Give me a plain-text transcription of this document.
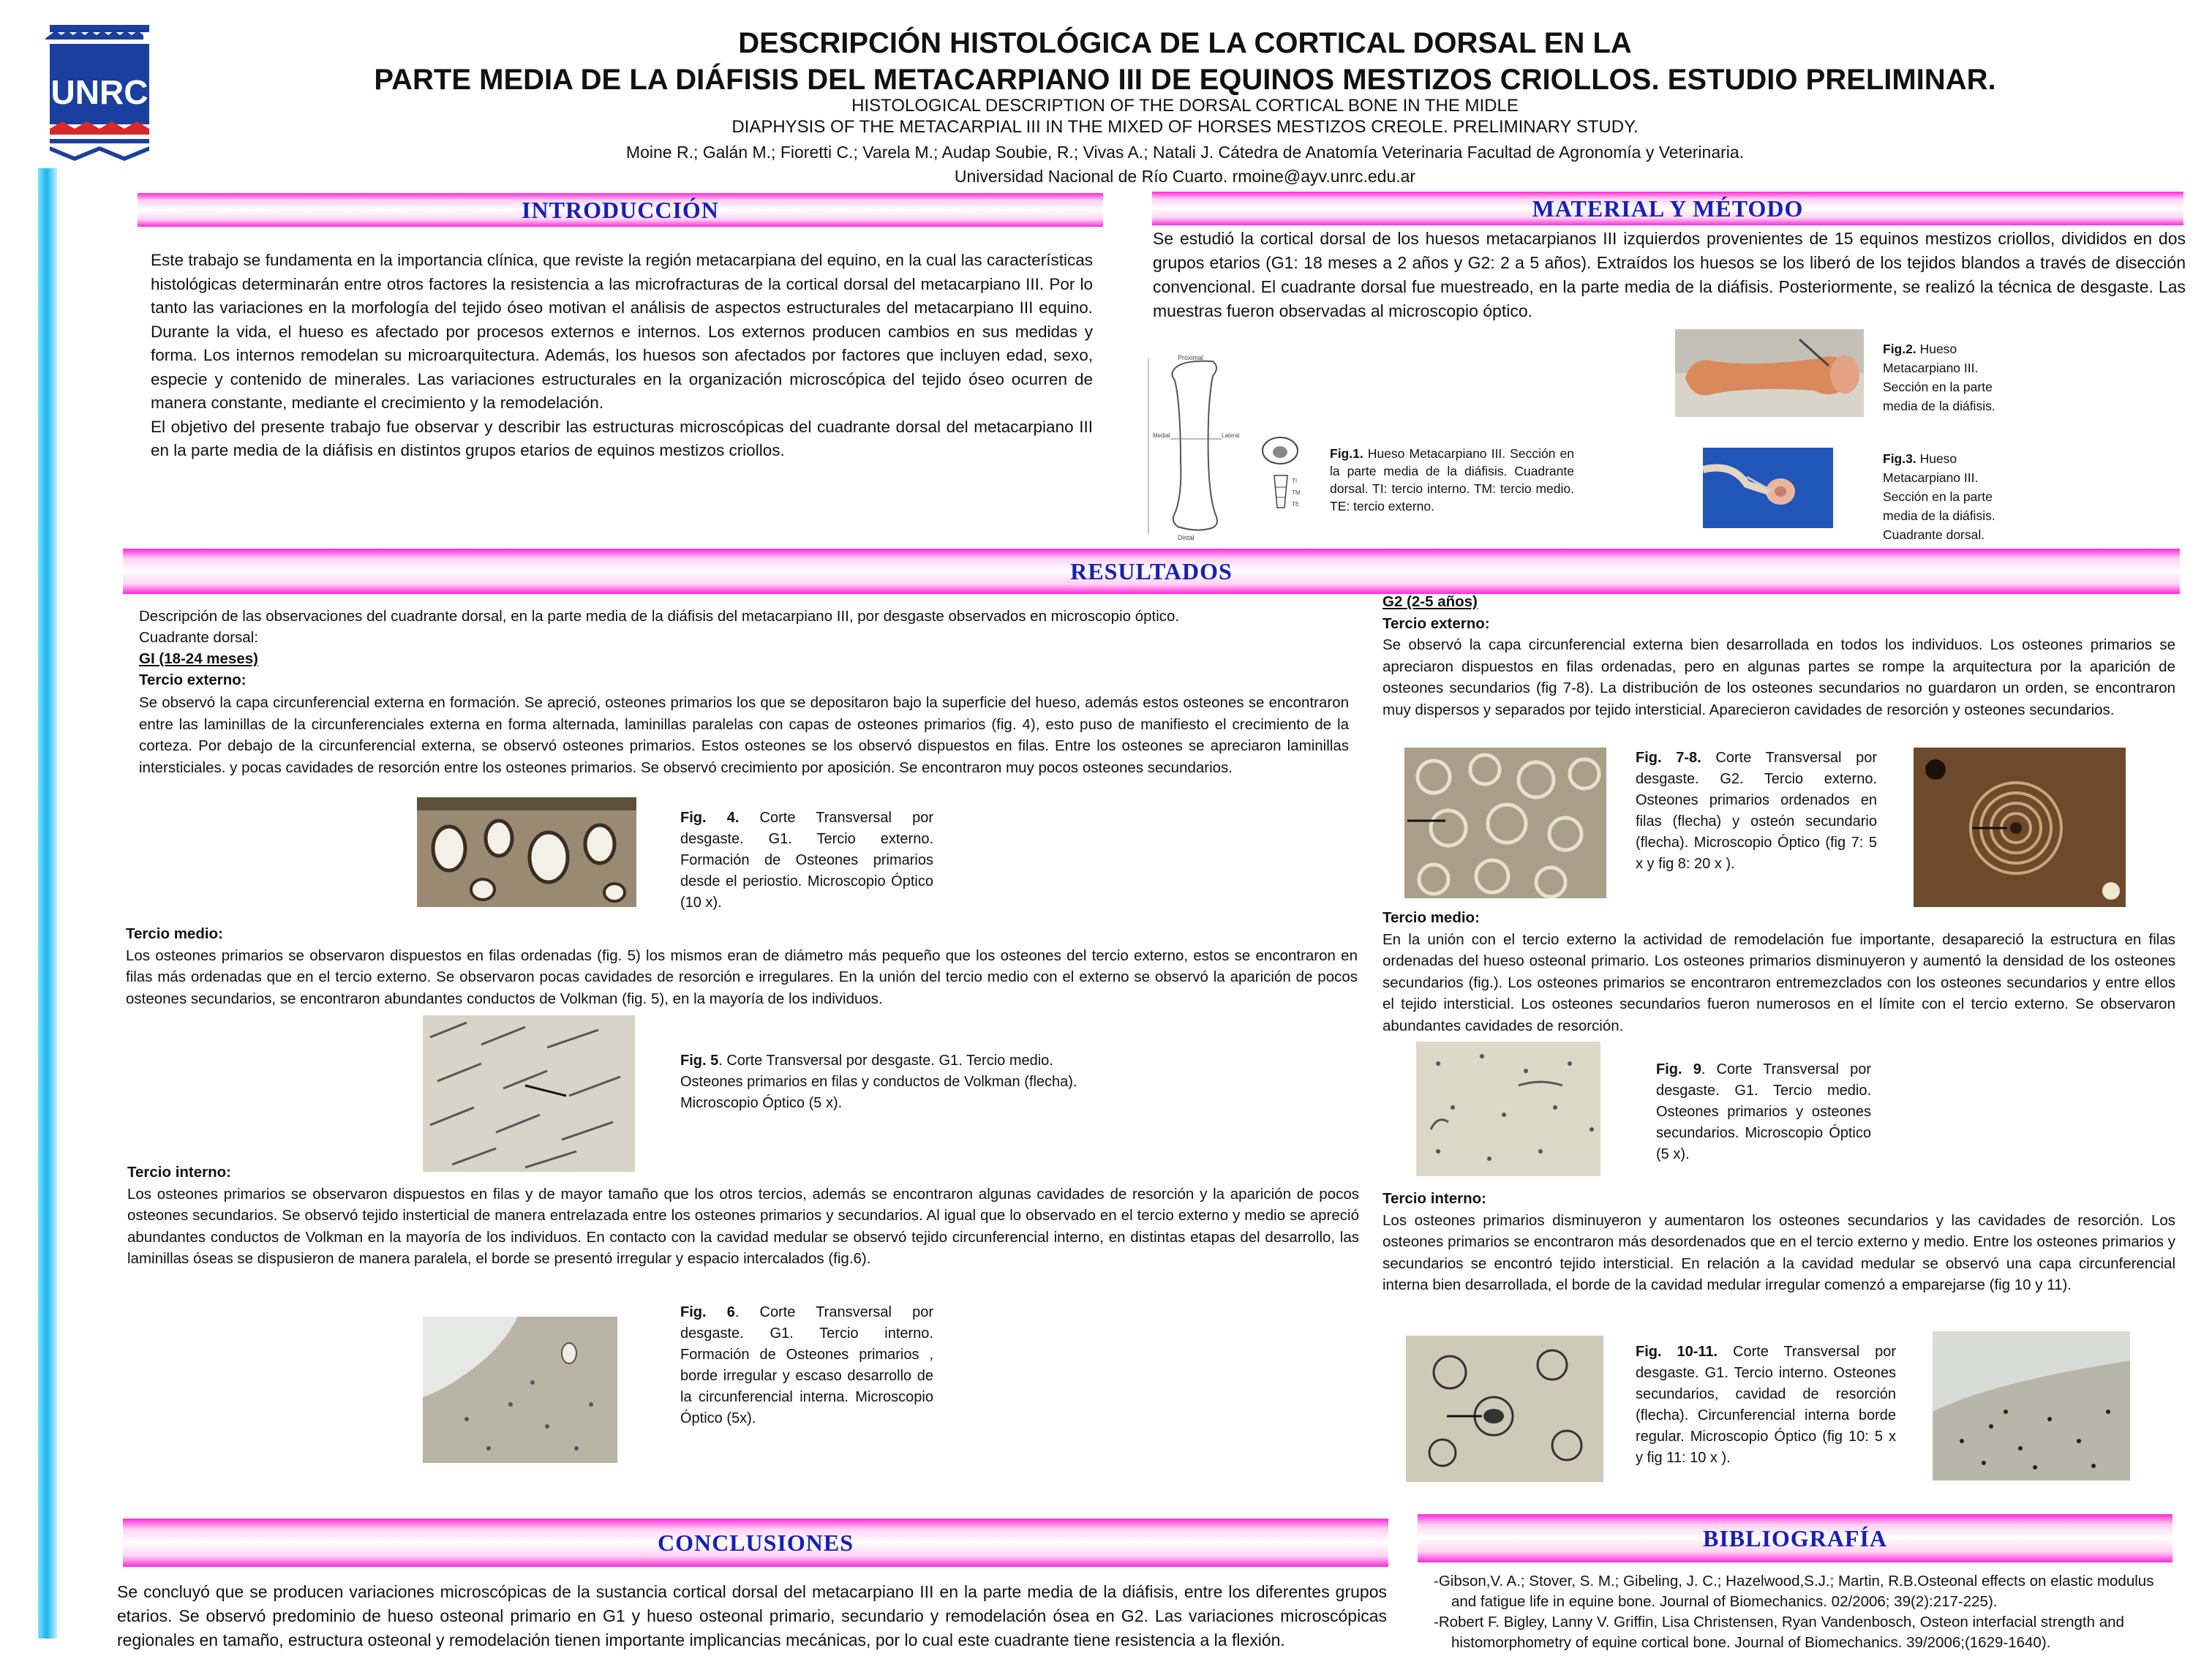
UNRC
DESCRIPCIÓN HISTOLÓGICA DE LA CORTICAL DORSAL EN LA
PARTE MEDIA DE LA DIÁFISIS DEL METACARPIANO III DE EQUINOS MESTIZOS CRIOLLOS. ESTUDIO PRELIMINAR.
HISTOLOGICAL DESCRIPTION OF THE DORSAL CORTICAL BONE IN THE MIDLE
DIAPHYSIS OF THE METACARPIAL III IN THE MIXED OF HORSES MESTIZOS CREOLE. PRELIMINARY STUDY.
Moine R.; Galán M.; Fioretti C.; Varela M.; Audap Soubie, R.; Vivas A.; Natali J. Cátedra de Anatomía Veterinaria Facultad de Agronomía y Veterinaria.
Universidad Nacional de Río Cuarto. rmoine@ayv.unrc.edu.ar
INTRODUCCIÓN	MATERIAL Y MÉTODO
RESULTADOS
CONCLUSIONES	BIBLIOGRAFÍA

Este trabajo se fundamenta en la importancia clínica, que reviste la región metacarpiana del equino, en la cual las características histológicas determinarán entre otros factores la resistencia a las microfracturas de la cortical dorsal del metacarpiano III. Por lo tanto las variaciones en la morfología del tejido óseo motivan el análisis de aspectos estructurales del metacarpiano III equino. Durante la vida, el hueso es afectado por procesos externos e internos. Los externos producen cambios en sus medidas y forma. Los internos remodelan su microarquitectura. Además, los huesos son afectados por factores que incluyen edad, sexo, especie y contenido de minerales. Las variaciones estructurales en la organización microscópica del tejido óseo ocurren de manera constante, mediante el crecimiento y la remodelación.

El objetivo del presente trabajo fue observar y describir las estructuras microscópicas del cuadrante dorsal del metacarpiano III en la parte media de la diáfisis en distintos grupos etarios de equinos mestizos criollos.

Se estudió la cortical dorsal de los huesos metacarpianos III izquierdos provenientes de 15 equinos mestizos criollos, divididos en dos grupos etarios (G1: 18 meses a 2 años y G2: 2 a 5 años). Extraídos los huesos se los liberó de los tejidos blandos a través de disección convencional. El cuadrante dorsal fue muestreado, en la parte media de la diáfisis. Posteriormente, se realizó la técnica de desgaste. Las muestras fueron observadas al microscopio óptico.
Proximal
Distal
Medial	Lateral
TI
TM
TE
Fig.1. Hueso Metacarpiano III. Sección en la parte media de la diáfisis. Cuadrante dorsal. TI: tercio interno. TM: tercio medio. TE: tercio externo.
Fig.2. Hueso Metacarpiano III. Sección en la parte media de la diáfisis.
Fig.3. Hueso Metacarpiano III. Sección en la parte media de la diáfisis. Cuadrante dorsal.

Descripción de las observaciones del cuadrante dorsal, en la parte media de la diáfisis del metacarpiano III, por desgaste observados en microscopio óptico.

Cuadrante dorsal:

GI (18-24 meses)

Tercio externo:

Se observó la capa circunferencial externa en formación. Se apreció, osteones primarios los que se depositaron bajo la superficie del hueso, además estos osteones se encontraron entre las laminillas de la circunferenciales externa en forma alternada, laminillas paralelas con capas de osteones primarios (fig. 4), esto puso de manifiesto el crecimiento de la corteza. Por debajo de la circunferencial externa, se observó osteones primarios. Estos osteones se los observó dispuestos en filas. Entre los osteones se apreciaron laminillas intersticiales. y pocas cavidades de resorción entre los osteones primarios. Se observó crecimiento por aposición. Se encontraron muy pocos osteones secundarios.
Fig. 4. Corte Transversal por desgaste. G1. Tercio externo. Formación de Osteones primarios desde el periostio. Microscopio Óptico (10 x).

Tercio medio:

Los osteones primarios se observaron dispuestos en filas ordenadas (fig. 5) los mismos eran de diámetro más pequeño que los osteones del tercio externo, estos se encontraron en filas más ordenadas que en el tercio externo. Se observaron pocas cavidades de resorción e irregulares. En la unión del tercio medio con el externo se observó la aparición de pocos osteones secundarios, se encontraron abundantes conductos de Volkman (fig. 5), en la mayoría de los individuos.

Fig. 5. Corte Transversal por desgaste. G1. Tercio medio. Osteones primarios en filas y conductos de Volkman (flecha). Microscopio Óptico (5 x).

Tercio interno:

Los osteones primarios se observaron dispuestos en filas y de mayor tamaño que los otros tercios, además se encontraron algunas cavidades de resorción y la aparición de pocos osteones secundarios. Se observó tejido insterticial de manera entrelazada entre los osteones primarios y secundarios. Al igual que lo observado en el tercio externo y medio se apreció abundantes conductos de Volkman en la mayoría de los individuos. En contacto con la cavidad medular se observó tejido circunferencial interno, en distintas etapas del desarrollo, las laminillas óseas se dispusieron de manera paralela, el borde se presentó irregular y espacio intercalados (fig.6).

Fig. 6. Corte Transversal por desgaste. G1. Tercio interno. Formación de Osteones primarios , borde irregular y escaso desarrollo de la circunferencial interna. Microscopio Óptico (5x).

G2 (2-5 años)

Tercio externo:

Se observó la capa circunferencial externa bien desarrollada en todos los individuos. Los osteones primarios se apreciaron dispuestos en filas ordenadas, pero en algunas partes se rompe la arquitectura por la aparición de osteones secundarios (fig 7-8). La distribución de los osteones secundarios no guardaron un orden, se encontraron muy dispersos y separados por tejido intersticial. Aparecieron cavidades de resorción y osteones secundarios.

Fig. 7-8. Corte Transversal por desgaste. G2. Tercio externo. Osteones primarios ordenados en filas (flecha) y osteón secundario (flecha). Microscopio Óptico (fig 7: 5 x y fig 8: 20 x ).

Tercio medio:

En la unión con el tercio externo la actividad de remodelación fue importante, desapareció la estructura en filas ordenadas del hueso osteonal primario. Los osteones primarios disminuyeron y aumentó la densidad de los osteones secundarios (fig.). Los osteones primarios se encontraron entremezclados con los osteones secundarios y entre ellos el tejido intersticial. Los osteones secundarios fueron numerosos en el límite con el tercio externo. Se observaron abundantes cavidades de resorción.

Fig. 9. Corte Transversal por desgaste. G1. Tercio medio. Osteones primarios y osteones secundarios. Microscopio Óptico (5 x).

Tercio interno:

Los osteones primarios disminuyeron y aumentaron los osteones secundarios y las cavidades de resorción. Los osteones primarios se encontraron más desordenados que en el tercio externo y medio. Entre los osteones primarios y secundarios se encontró tejido intersticial. En relación a la cavidad medular se observó una capa circunferencial interna bien desarrollada, el borde de la cavidad medular irregular comenzó a emparejarse (fig 10 y 11).

Fig. 10-11. Corte Transversal por desgaste. G1. Tercio interno. Osteones secundarios, cavidad de resorción (flecha). Circunferencial interna borde regular. Microscopio Óptico (fig 10: 5 x y fig 11: 10 x ).
Se concluyó que se producen variaciones microscópicas de la sustancia cortical dorsal del metacarpiano III en la parte media de la diáfisis, entre los diferentes grupos etarios. Se observó predominio de hueso osteonal primario en G1 y hueso osteonal primario, secundario y remodelación ósea en G2. Las variaciones microscópicas regionales en tamaño, estructura osteonal y remodelación tienen importante implicancias mecánicas, por lo cual este cuadrante tiene resistencia a la flexión.

-Gibson,V. A.; Stover, S. M.; Gibeling, J. C.; Hazelwood,S.J.; Martin, R.B.Osteonal effects on elastic modulus and fatigue life in equine bone. Journal of Biomechanics. 02/2006; 39(2):217-225).

-Robert F. Bigley, Lanny V. Griffin, Lisa Christensen, Ryan Vandenbosch, Osteon interfacial strength and histomorphometry of equine cortical bone. Journal of Biomechanics. 39/2006;(1629-1640).
